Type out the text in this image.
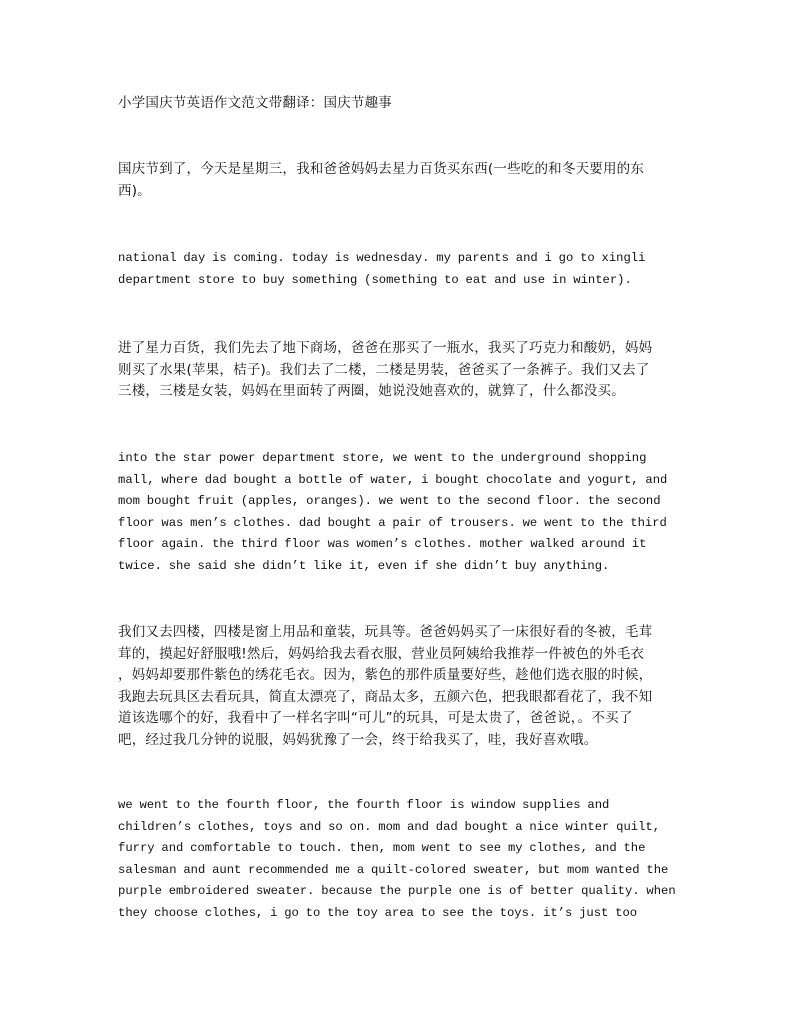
小学国庆节英语作文范文带翻译：国庆节趣事

国庆节到了，今天是星期三，我和爸爸妈妈去星力百货买东西(一些吃的和冬天要用的东
西)。

national day is coming. today is wednesday. my parents and i go to xingli
department store to buy something (something to eat and use in winter).

进了星力百货，我们先去了地下商场，爸爸在那买了一瓶水，我买了巧克力和酸奶，妈妈
则买了水果(苹果，桔子)。我们去了二楼，二楼是男装，爸爸买了一条裤子。我们又去了
三楼，三楼是女装，妈妈在里面转了两圈，她说没她喜欢的，就算了，什么都没买。

into the star power department store, we went to the underground shopping
mall, where dad bought a bottle of water, i bought chocolate and yogurt, and
mom bought fruit (apples, oranges). we went to the second floor. the second
floor was men’s clothes. dad bought a pair of trousers. we went to the third
floor again. the third floor was women’s clothes. mother walked around it
twice. she said she didn’t like it, even if she didn’t buy anything.

我们又去四楼，四楼是窗上用品和童装，玩具等。爸爸妈妈买了一床很好看的冬被，毛茸
茸的，摸起好舒服哦!然后，妈妈给我去看衣服，营业员阿姨给我推荐一件被色的外毛衣
，妈妈却要那件紫色的绣花毛衣。因为，紫色的那件质量要好些，趁他们选衣服的时候，
我跑去玩具区去看玩具，简直太漂亮了，商品太多，五颜六色，把我眼都看花了，我不知
道该选哪个的好，我看中了一样名字叫“可儿”的玩具，可是太贵了，爸爸说，。不买了
吧，经过我几分钟的说服，妈妈犹豫了一会，终于给我买了，哇，我好喜欢哦。

we went to the fourth floor, the fourth floor is window supplies and
children’s clothes, toys and so on. mom and dad bought a nice winter quilt,
furry and comfortable to touch. then, mom went to see my clothes, and the
salesman and aunt recommended me a quilt-colored sweater, but mom wanted the
purple embroidered sweater. because the purple one is of better quality. when
they choose clothes, i go to the toy area to see the toys. it’s just too
